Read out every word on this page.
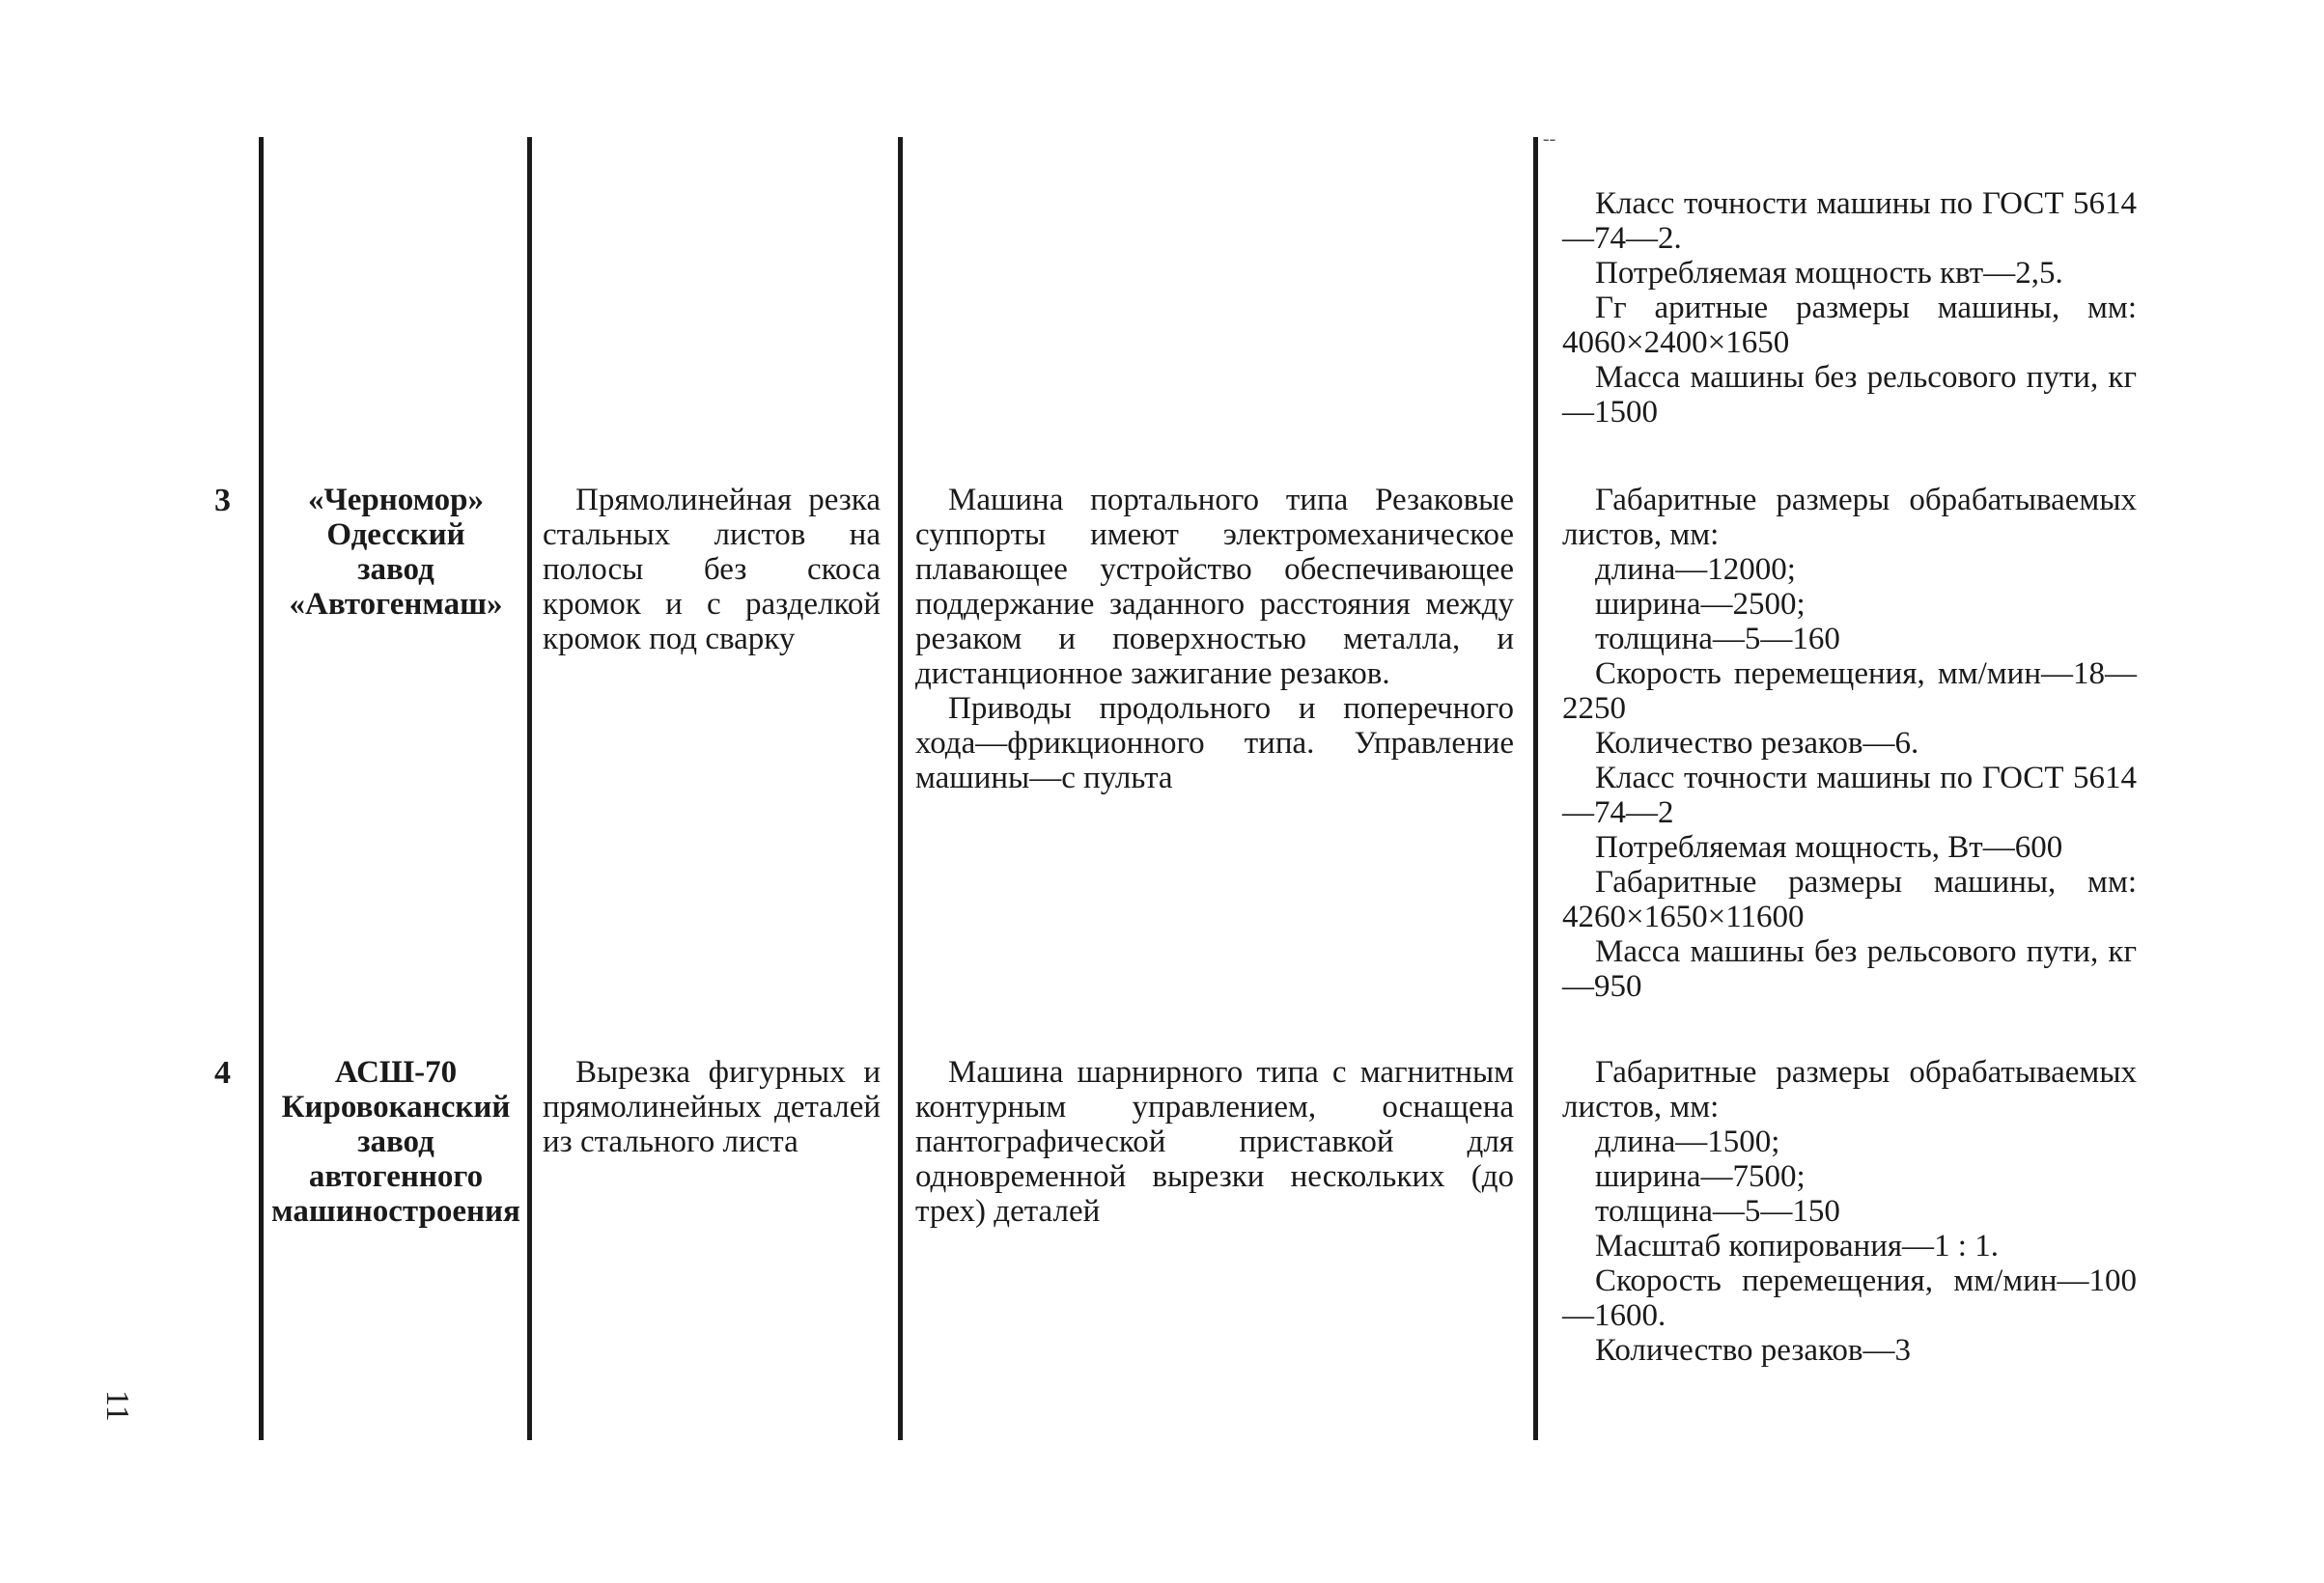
--

Класс точности машины по ГОСТ 5614—74—2.

Потребляемая мощность квт—2,5.

Гг аритные размеры машины, мм: 4060×2400×1650

Масса машины без рельсового пути, кг—1500

3	«Черномор»

Одесский

завод

«Автогенмаш»

Прямолинейная резка стальных листов на полосы без скоса кромок и с разделкой кромок под сварку

Машина портального типа Резаковые суппорты имеют электромеханическое плавающее устройство обеспечивающее поддержание заданного расстояния между резаком и поверхностью металла, и дистанционное зажигание резаков.

Приводы продольного и поперечного хода—фрикционного типа. Управление машины—с пульта

Габаритные размеры обрабатываемых листов, мм:

длина—12000;

ширина—2500;

толщина—5—160

Скорость перемещения, мм/мин—18—2250

Количество резаков—6.

Класс точности машины по ГОСТ 5614—74—2

Потребляемая мощность, Вт—600

Габаритные размеры машины, мм: 4260×1650×11600

Масса машины без рельсового пути, кг—950

4	АСШ-70 Кировоканский завод автогенного машиностроения

Вырезка фигурных и прямолинейных деталей из стального листа

Машина шарнирного типа с магнитным контурным управлением, оснащена пантографической приставкой для одновременной вырезки нескольких (до трех) деталей

Габаритные размеры обрабатываемых листов, мм:

длина—1500;

ширина—7500;

толщина—5—150

Масштаб копирования—1 : 1.

Скорость перемещения, мм/мин—100—1600.

Количество резаков—3

11
